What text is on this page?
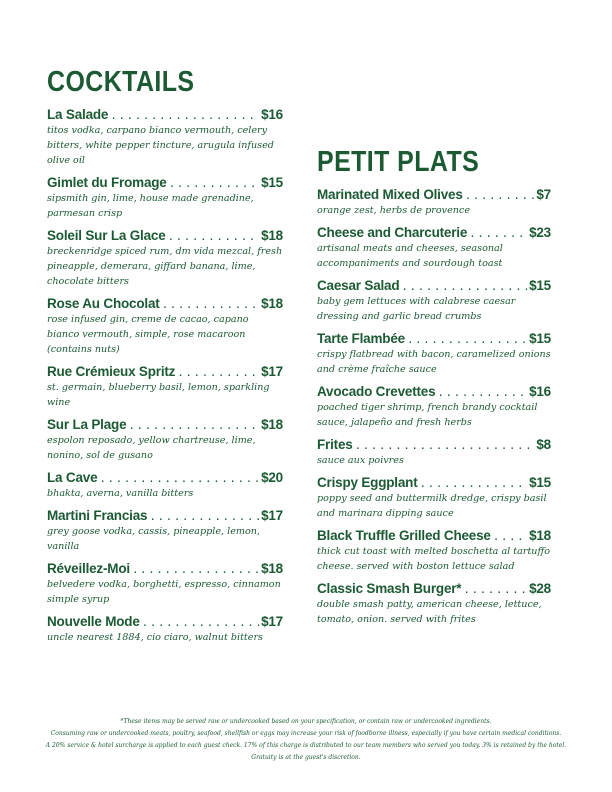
COCKTAILS
La Salade .....	$16
titos vodka, carpano bianco vermouth, celery bitters, white pepper tincture, arugula infused olive oil
Gimlet du Fromage .....	$15
sipsmith gin, lime, house made grenadine, parmesan crisp
Soleil Sur La Glace .....	$18
breckenridge spiced rum, dm vida mezcal, fresh pineapple, demerara, giffard banana, lime, chocolate bitters
Rose Au Chocolat .....	$18
rose infused gin, creme de cacao, capano bianco vermouth, simple, rose macaroon (contains nuts)
Rue Crémieux Spritz .....	$17
st. germain, blueberry basil, lemon, sparkling wine
Sur La Plage .....	$18
espolon reposado, yellow chartreuse, lime, nonino, sol de gusano
La Cave .....	$20
bhakta, averna, vanilla bitters
Martini Francias .....	$17
grey goose vodka, cassis, pineapple, lemon, vanilla
Réveillez-Moi .....	$18
belvedere vodka, borghetti, espresso, cinnamon simple syrup
Nouvelle Mode .....	$17
uncle nearest 1884, cio ciaro, walnut bitters
PETIT PLATS
Marinated Mixed Olives .....	$7
orange zest, herbs de provence
Cheese and Charcuterie .....	$23
artisanal meats and cheeses, seasonal accompaniments and sourdough toast
Caesar Salad .....	$15
baby gem lettuces with calabrese caesar dressing and garlic bread crumbs
Tarte Flambée .....	$15
crispy flatbread with bacon, caramelized onions and crème fraîche sauce
Avocado Crevettes .....	$16
poached tiger shrimp, french brandy cocktail sauce, jalapeño and fresh herbs
Frites .....	$8
sauce aux poivres
Crispy Eggplant .....	$15
poppy seed and buttermilk dredge, crispy basil and marinara dipping sauce
Black Truffle Grilled Cheese .....	$18
thick cut toast with melted boschetta al tartuffo cheese. served with boston lettuce salad
Classic Smash Burger* .....	$28
double smash patty, american cheese, lettuce, tomato, onion. served with frites
*These items may be served raw or undercooked based on your specification, or contain raw or undercooked ingredients.
Consuming raw or undercooked meats, poultry, seafood, shellfish or eggs may increase your risk of foodborne illness, especially if you have certain medical conditions.
A 20% service & hotel surcharge is applied to each guest check. 17% of this charge is distributed to our team members who served you today. 3% is retained by the hotel.
Gratuity is at the guest's discretion.
